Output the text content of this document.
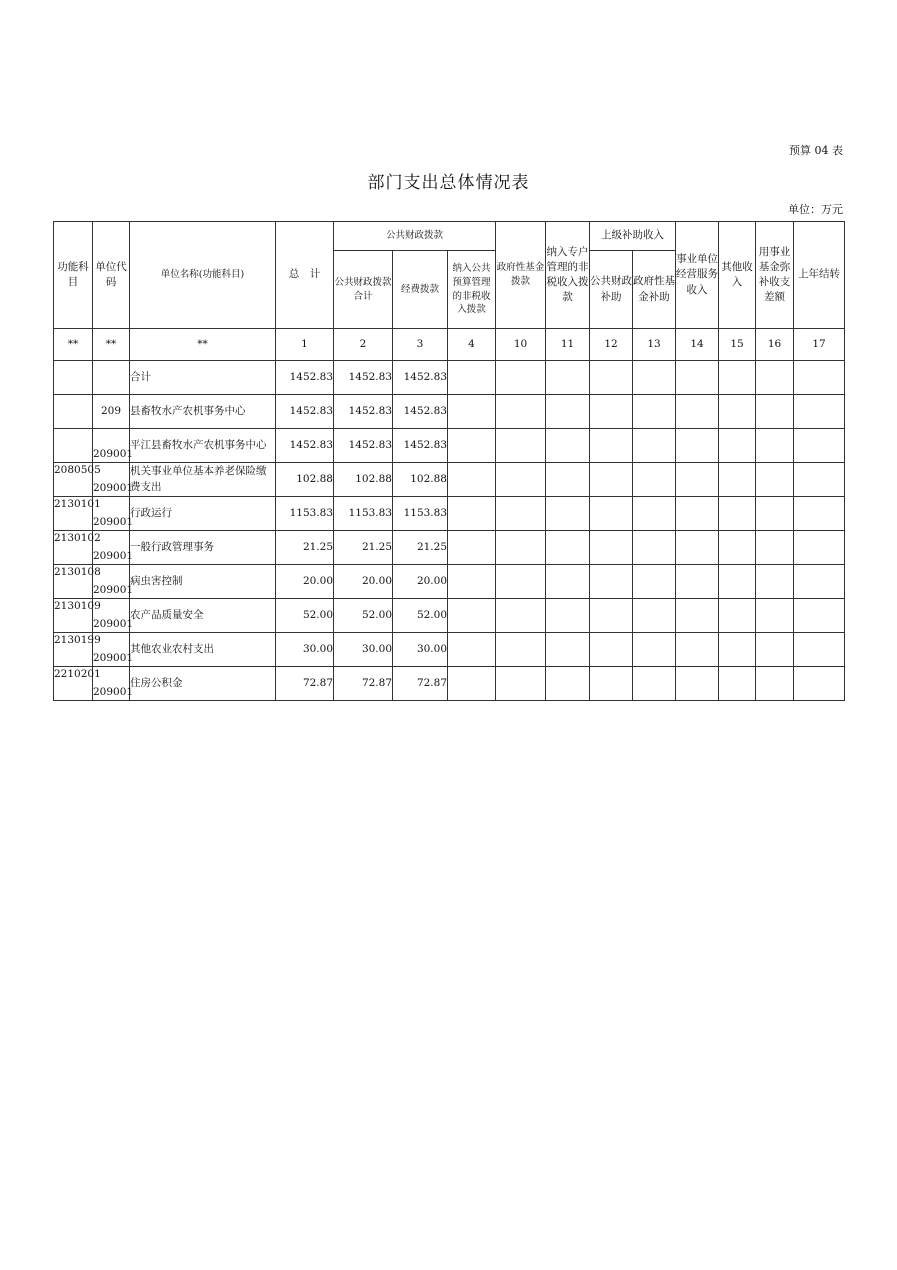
预算 04 表
部门支出总体情况表
单位：万元
功能科目	单位代码	单位名称(功能科目)	总　计	公共财政拨款			政府性基金拨款	纳入专户管理的非税收入拨款	上级补助收入		事业单位经营服务收入	其他收入	用事业基金弥补收支差额	上年结转
				公共财政拨款合计	经费拨款	纳入公共预算管理的非税收入拨款			公共财政补助	政府性基金补助				
**	**	**	1	2	3	4	10	11	12	13	14	15	16	17
		合计	1452.83	1452.83	1452.83									
	209	县畜牧水产农机事务中心	1452.83	1452.83	1452.83									
	209001	平江县畜牧水产农机事务中心	1452.83	1452.83	1452.83									
2080505	209001	机关事业单位基本养老保险缴费支出	102.88	102.88	102.88									
2130101	209001	行政运行	1153.83	1153.83	1153.83									
2130102	209001	一般行政管理事务	21.25	21.25	21.25									
2130108	209001	病虫害控制	20.00	20.00	20.00									
2130109	209001	农产品质量安全	52.00	52.00	52.00									
2130199	209001	其他农业农村支出	30.00	30.00	30.00									
2210201	209001	住房公积金	72.87	72.87	72.87									
